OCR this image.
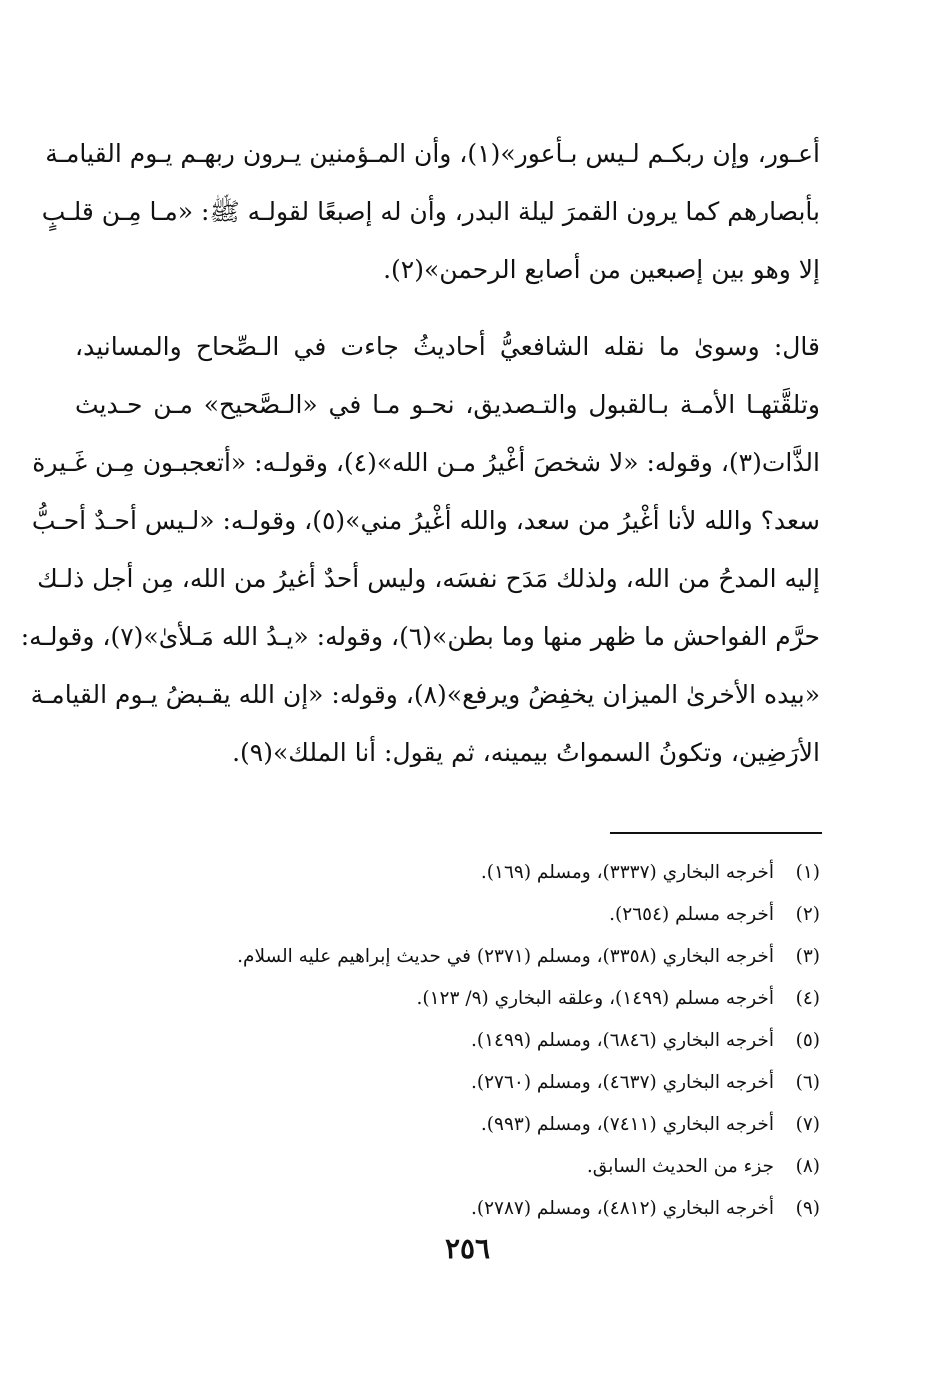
أعـور، وإن ربكـم لـيس بـأعور»(١)، وأن المـؤمنين يـرون ربهـم يـوم القيامـة
بأبصارهم كما يرون القمرَ ليلة البدر، وأن له إصبعًا لقولـه ﷺ: «مـا مِـن قلـبٍ
إلا وهو بين إصبعين من أصابع الرحمن»(٢).
قال: وسوىٰ ما نقله الشافعيُّ أحاديثُ جاءت في الـصِّحاح والمسانيد،
وتلقَّتهـا الأمـة بـالقبول والتـصديق، نحـو مـا في «الـصَّحيح» مـن حـديث
الذَّات(٣)، وقوله: «لا شخصَ أغْيرُ مـن الله»(٤)، وقولـه: «أتعجبـون مِـن غَـيرة
سعد؟ والله لأنا أغْيرُ من سعد، والله أغْيرُ مني»(٥)، وقولـه: «لـيس أحـدٌ أحـبُّ
إليه المدحُ من الله، ولذلك مَدَح نفسَه، وليس أحدٌ أغيرُ من الله، مِن أجل ذلـك
حرَّم الفواحش ما ظهر منها وما بطن»(٦)، وقوله: «يـدُ الله مَـلأىٰ»(٧)، وقولـه:
«بيده الأخرىٰ الميزان يخفِضُ ويرفع»(٨)، وقوله: «إن الله يقـبضُ يـوم القيامـة
الأرَضِين، وتكونُ السمواتُ بيمينه، ثم يقول: أنا الملك»(٩).
(١)أخرجه البخاري (٣٣٣٧)، ومسلم (١٦٩).
(٢)أخرجه مسلم (٢٦٥٤).
(٣)أخرجه البخاري (٣٣٥٨)، ومسلم (٢٣٧١) في حديث إبراهيم عليه السلام.
(٤)أخرجه مسلم (١٤٩٩)، وعلقه البخاري (٩/ ١٢٣).
(٥)أخرجه البخاري (٦٨٤٦)، ومسلم (١٤٩٩).
(٦)أخرجه البخاري (٤٦٣٧)، ومسلم (٢٧٦٠).
(٧)أخرجه البخاري (٧٤١١)، ومسلم (٩٩٣).
(٨)جزء من الحديث السابق.
(٩)أخرجه البخاري (٤٨١٢)، ومسلم (٢٧٨٧).
٢٥٦
